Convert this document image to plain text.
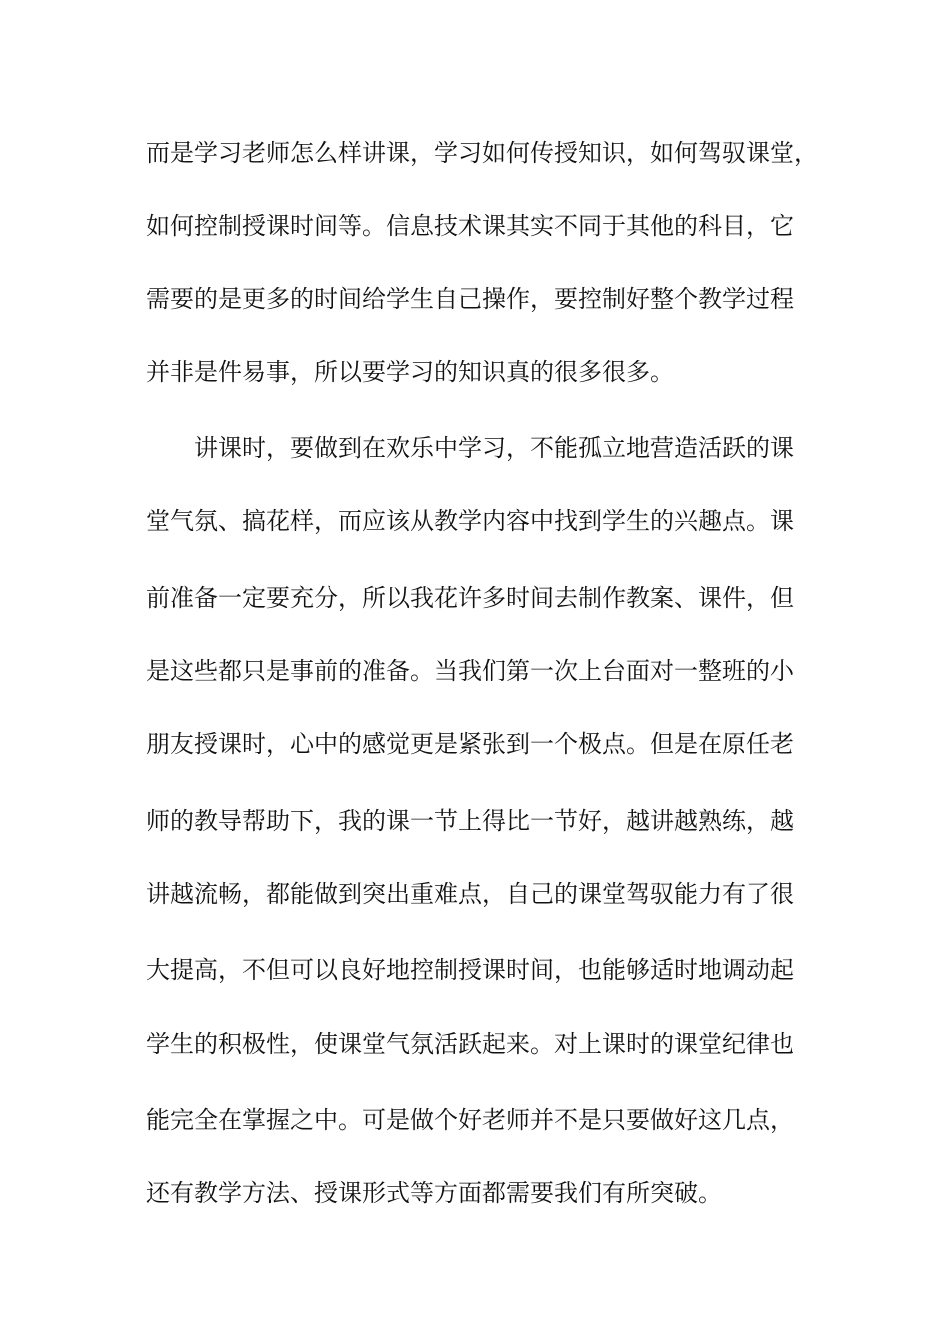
而是学习老师怎么样讲课，学习如何传授知识，如何驾驭课堂，
如何控制授课时间等。信息技术课其实不同于其他的科目，它
需要的是更多的时间给学生自己操作，要控制好整个教学过程
并非是件易事，所以要学习的知识真的很多很多。
讲课时，要做到在欢乐中学习，不能孤立地营造活跃的课
堂气氛、搞花样，而应该从教学内容中找到学生的兴趣点。课
前准备一定要充分，所以我花许多时间去制作教案、课件，但
是这些都只是事前的准备。当我们第一次上台面对一整班的小
朋友授课时，心中的感觉更是紧张到一个极点。但是在原任老
师的教导帮助下，我的课一节上得比一节好，越讲越熟练，越
讲越流畅，都能做到突出重难点，自己的课堂驾驭能力有了很
大提高，不但可以良好地控制授课时间，也能够适时地调动起
学生的积极性，使课堂气氛活跃起来。对上课时的课堂纪律也
能完全在掌握之中。可是做个好老师并不是只要做好这几点，
还有教学方法、授课形式等方面都需要我们有所突破。
